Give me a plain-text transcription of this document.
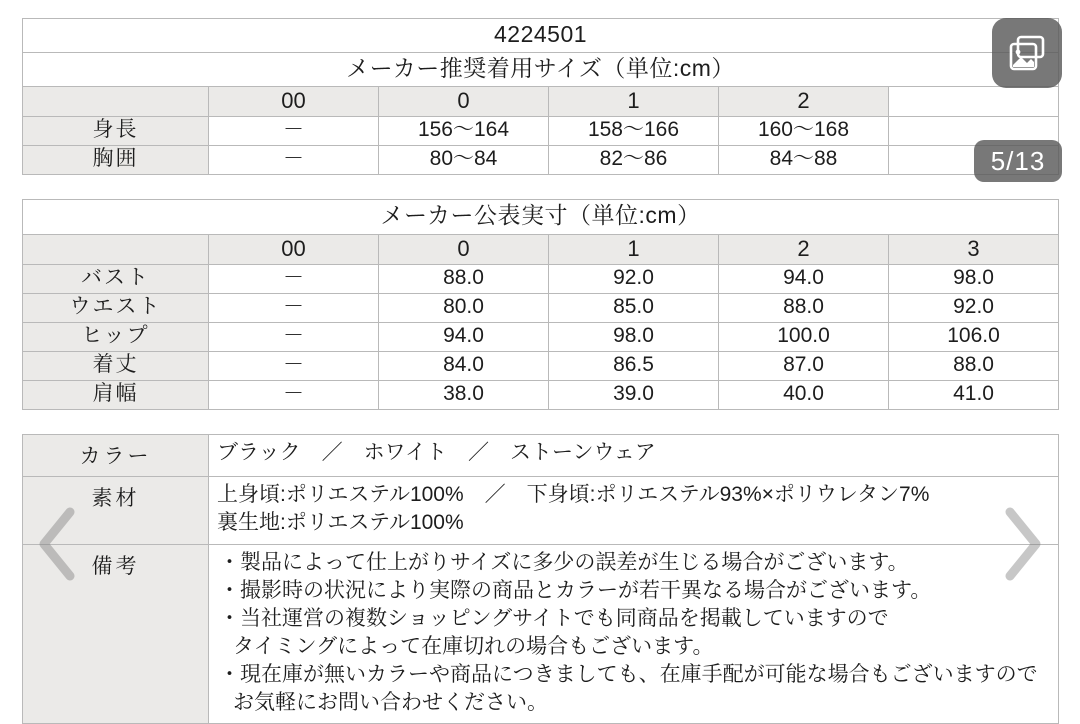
4224501					
メーカー推奨着用サイズ（単位:cm）					
	00	0	1	2	
身長	－	156〜164	158〜166	160〜168	
胸囲	－	80〜84	82〜86	84〜88	
メーカー公表実寸（単位:cm）					
	00	0	1	2	3
バスト	－	88.0	92.0	94.0	98.0
ウエスト	－	80.0	85.0	88.0	92.0
ヒップ	－	94.0	98.0	100.0	106.0
着丈	－	84.0	86.5	87.0	88.0
肩幅	－	38.0	39.0	40.0	41.0
カラー	ブラック　／　ホワイト　／　ストーンウェア
素材	上身頃:ポリエステル100%　／　下身頃:ポリエステル93%×ポリウレタン7%
裏生地:ポリエステル100%

備考	・製品によって仕上がりサイズに多少の誤差が生じる場合がございます。
・撮影時の状況により実際の商品とカラーが若干異なる場合がございます。
・当社運営の複数ショッピングサイトでも同商品を掲載していますので
タイミングによって在庫切れの場合もございます。
・現在庫が無いカラーや商品につきましても、在庫手配が可能な場合もございますので
お気軽にお問い合わせください。
5/13
